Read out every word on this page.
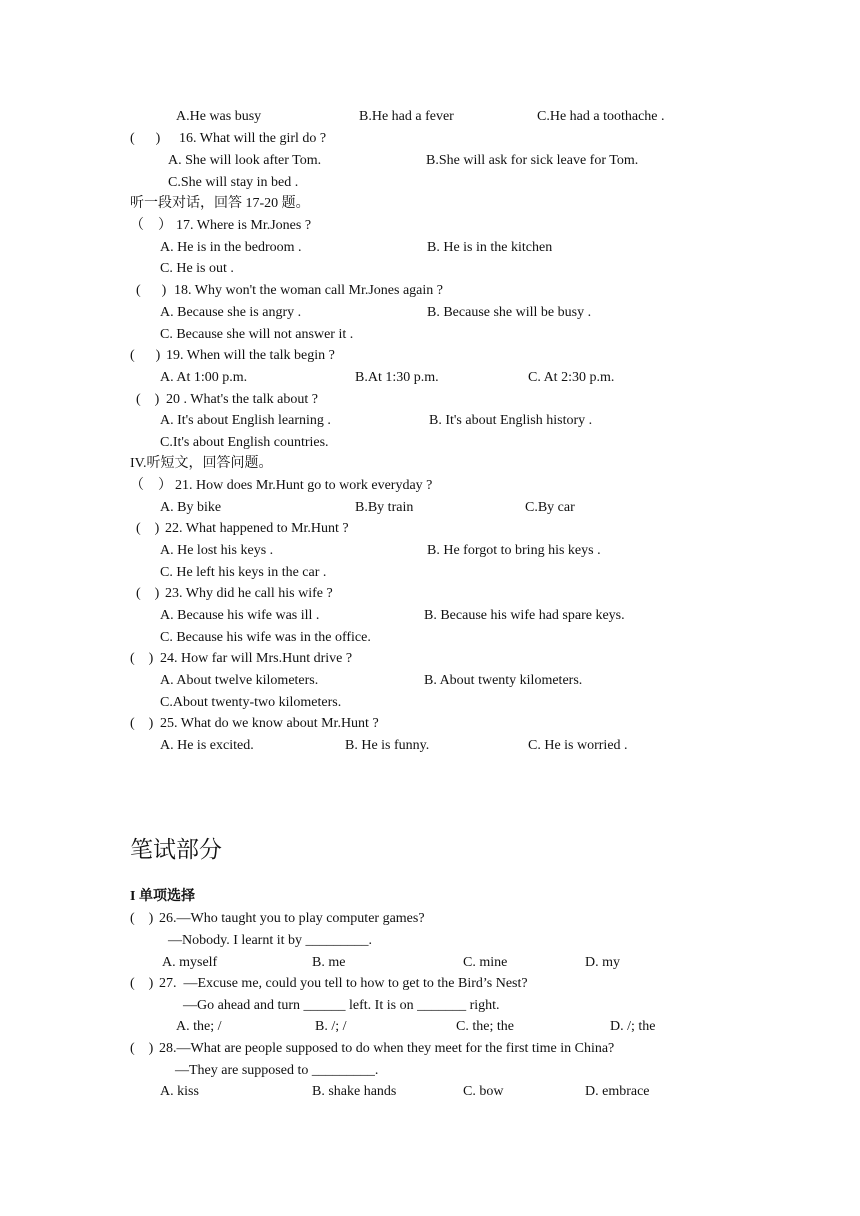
A.He was busy	B.He had a fever	C.He had a toothache .
(      ) 16. What will the girl do ?
A. She will look after Tom.	B.She will ask for sick leave for Tom.
C.She will stay in bed .
听一段对话，回答 17-20 题。
（    ） 17. Where is Mr.Jones ?
A. He is in the bedroom .	B. He is in the kitchen
C. He is out .
(      ) 18. Why won't the woman call Mr.Jones again ?
A. Because she is angry .	B. Because she will be busy .
C. Because she will not answer it .
(      ) 19. When will the talk begin ?
A. At 1:00 p.m.	B.At 1:30 p.m.	C. At 2:30 p.m.
(    ) 20 . What's the talk about ?
A. It's about English learning .	B. It's about English history .
C.It's about English countries.
IV.听短文，回答问题。
（    ） 21. How does Mr.Hunt go to work everyday ?
A. By bike	B.By train	C.By car
(    ) 22. What happened to Mr.Hunt ?
A. He lost his keys .	B. He forgot to bring his keys .
C. He left his keys in the car .
(    ) 23. Why did he call his wife ?
A. Because his wife was ill .	B. Because his wife had spare keys.
C. Because his wife was in the office.
(    ) 24. How far will Mrs.Hunt drive ?
A. About twelve kilometers.	B. About twenty kilometers.
C.About twenty-two kilometers.
(    ) 25. What do we know about Mr.Hunt ?
A. He is excited.	B. He is funny.	C. He is worried .
笔试部分
I 单项选择
(    ) 26.—Who taught you to play computer games?
—Nobody. I learnt it by _________.
A. myself	B. me	C. mine	D. my
(    ) 27.  —Excuse me, could you tell to how to get to the Bird’s Nest?
—Go ahead and turn ______ left. It is on _______ right.
A. the; /	B. /; /	C. the; the	D. /; the
(    ) 28.—What are people supposed to do when they meet for the first time in China?
—They are supposed to _________.
A. kiss	B. shake hands	C. bow	D. embrace
